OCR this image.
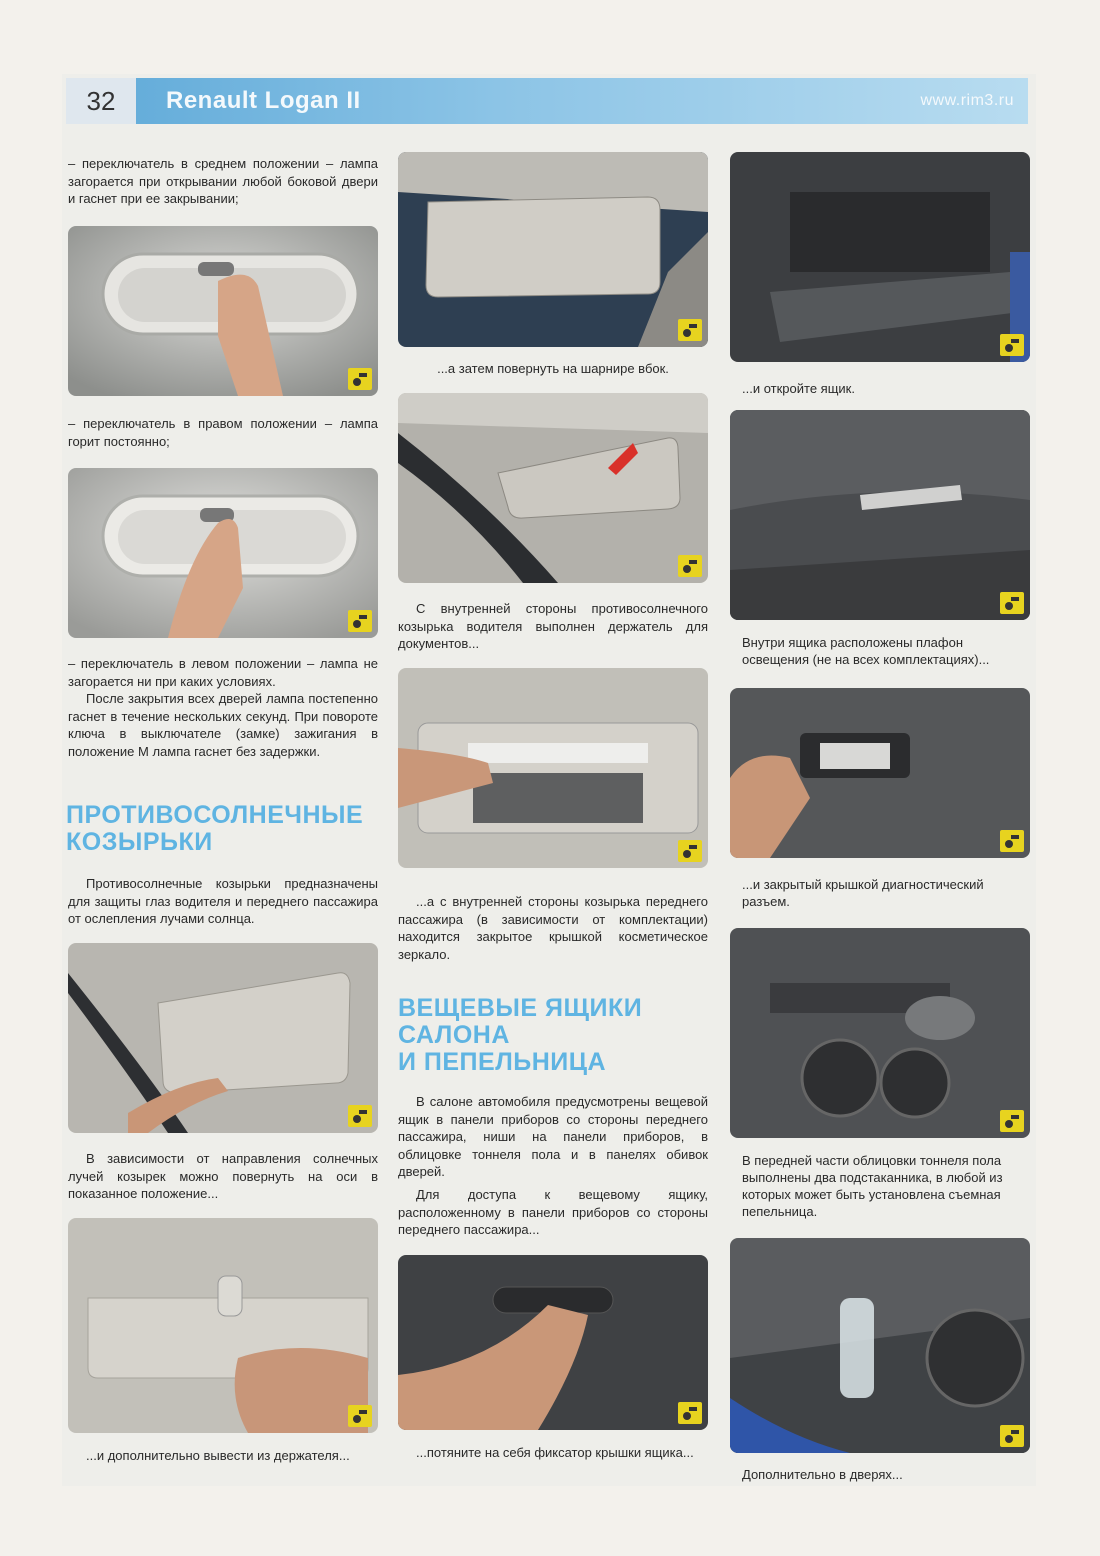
32	Renault Logan II	www.rim3.ru
– переключатель в среднем положении – лампа загорается при открывании любой боковой двери и гаснет при ее закрывании;
– переключатель в правом положении – лампа горит постоянно;
– переключатель в левом положении – лампа не загорается ни при каких условиях.
После закрытия всех дверей лампа постепенно гаснет в течение нескольких секунд. При повороте ключа в выключателе (замке) зажигания в положение М лампа гаснет без задержки.
ПРОТИВОСОЛНЕЧНЫЕ
КОЗЫРЬКИ
Противосолнечные козырьки предназначены для защиты глаз водителя и переднего пассажира от ослепления лучами солнца.
В зависимости от направления солнечных лучей козырек можно повернуть на оси в показанное положение...
...и дополнительно вывести из держателя...
...а затем повернуть на шарнире вбок.
С внутренней стороны противосолнечного козырька водителя выполнен держатель для документов...
...а с внутренней стороны козырька переднего пассажира (в зависимости от комплектации) находится закрытое крышкой косметическое зеркало.
ВЕЩЕВЫЕ ЯЩИКИ
САЛОНА
И ПЕПЕЛЬНИЦА
В салоне автомобиля предусмотрены вещевой ящик в панели приборов со стороны переднего пассажира, ниши на панели приборов, в облицовке тоннеля пола и в панелях обивок дверей.
Для доступа к вещевому ящику, расположенному в панели приборов со стороны переднего пассажира...
...потяните на себя фиксатор крышки ящика...
...и откройте ящик.
Внутри ящика расположены плафон освещения (не на всех комплектациях)...
...и закрытый крышкой диагностический разъем.
В передней части облицовки тоннеля пола выполнены два подстаканника, в любой из которых может быть установлена съемная пепельница.
Дополнительно в дверях...
